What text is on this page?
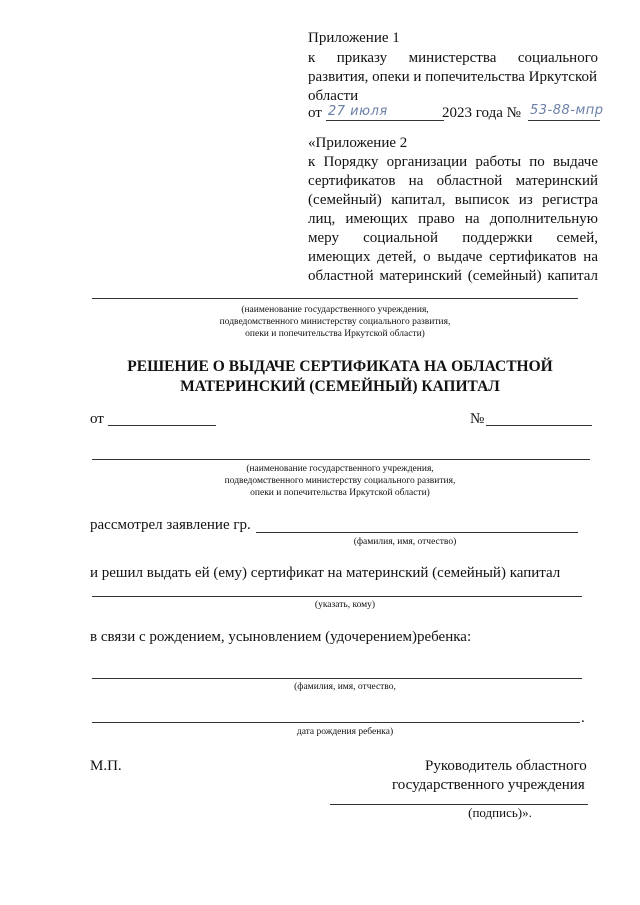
Приложение 1
к приказу министерства социального
развития, опеки и попечительства Иркутской
области
от 27 июля	2023 года № 53-88-мпр
«Приложение 2
к Порядку организации работы по выдаче
сертификатов на областной материнский
(семейный) капитал, выписок из регистра
лиц, имеющих право на дополнительную
меру социальной поддержки семей,
имеющих детей, о выдаче сертификатов на
областной материнский (семейный) капитал
(наименование государственного учреждения,
подведомственного министерству социального развития,
опеки и попечительства Иркутской области)
РЕШЕНИЕ О ВЫДАЧЕ СЕРТИФИКАТА НА ОБЛАСТНОЙ
МАТЕРИНСКИЙ (СЕМЕЙНЫЙ) КАПИТАЛ
от	№
(наименование государственного учреждения,
подведомственного министерству социального развития,
опеки и попечительства Иркутской области)
рассмотрел заявление гр.
(фамилия, имя, отчество)
и решил выдать ей (ему) сертификат на материнский (семейный) капитал
(указать, кому)
в связи с рождением, усыновлением (удочерением)ребенка:
(фамилия, имя, отчество,
.
дата рождения ребенка)
М.П.	Руководитель областного
государственного учреждения
(подпись)».
